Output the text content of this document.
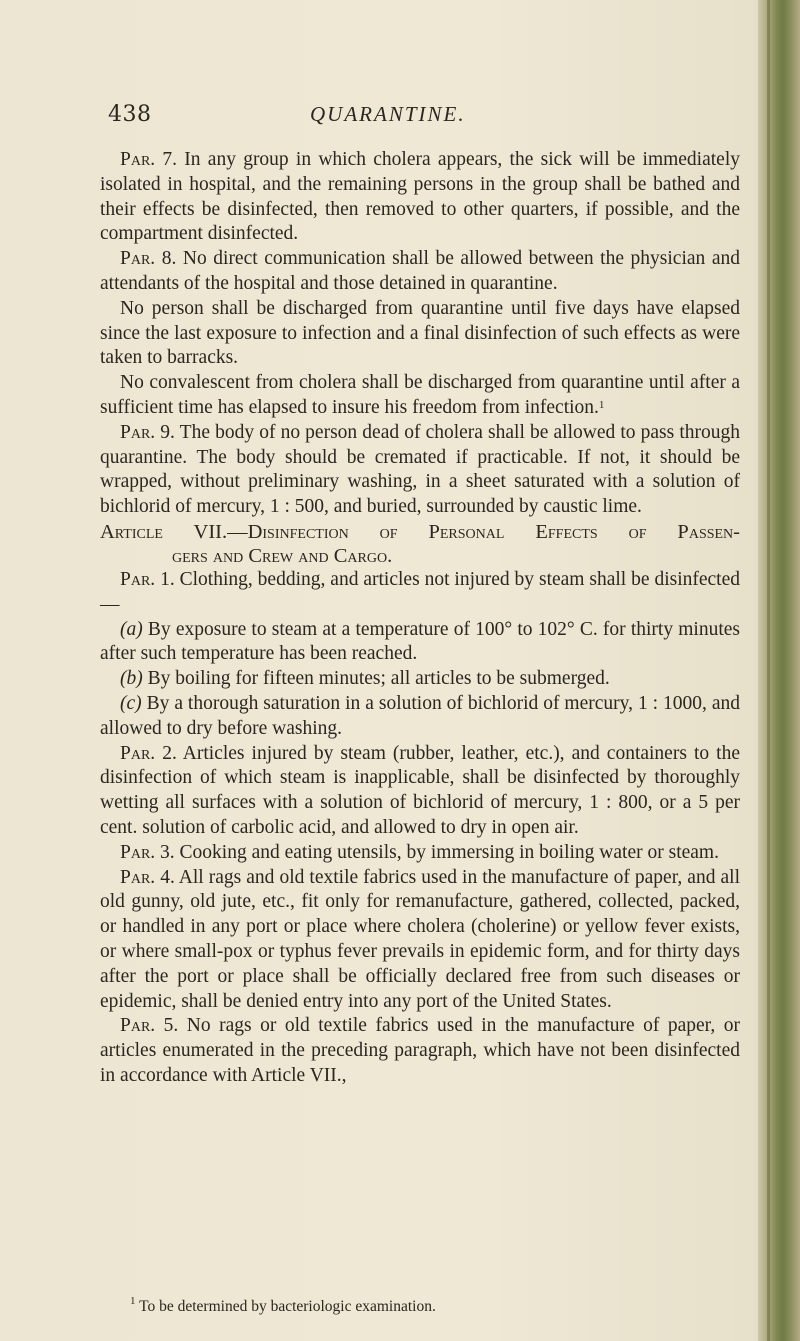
438	QUARANTINE.

Par. 7. In any group in which cholera appears, the sick will be immediately isolated in hospital, and the remaining persons in the group shall be bathed and their effects be disinfected, then removed to other quarters, if possible, and the compartment disinfected.

Par. 8. No direct communication shall be allowed between the physician and attendants of the hospital and those detained in quarantine.

No person shall be discharged from quarantine until five days have elapsed since the last exposure to infection and a final disinfection of such effects as were taken to barracks.

No convalescent from cholera shall be discharged from quarantine until after a sufficient time has elapsed to insure his freedom from infection.$^1$

Par. 9. The body of no person dead of cholera shall be allowed to pass through quarantine. The body should be cremated if practicable. If not, it should be wrapped, without preliminary washing, in a sheet saturated with a solution of bichlorid of mercury, 1 : 500, and buried, surrounded by caustic lime.

Article VII.—Disinfection of Personal Effects of Passen-
gers and Crew and Cargo.

Par. 1. Clothing, bedding, and articles not injured by steam shall be disinfected—

(a) By exposure to steam at a temperature of 100° to 102° C. for thirty minutes after such temperature has been reached.

(b) By boiling for fifteen minutes; all articles to be submerged.

(c) By a thorough saturation in a solution of bichlorid of mercury, 1 : 1000, and allowed to dry before washing.

Par. 2. Articles injured by steam (rubber, leather, etc.), and containers to the disinfection of which steam is inapplicable, shall be disinfected by thoroughly wetting all surfaces with a solution of bichlorid of mercury, 1 : 800, or a 5 per cent. solution of carbolic acid, and allowed to dry in open air.

Par. 3. Cooking and eating utensils, by immersing in boiling water or steam.

Par. 4. All rags and old textile fabrics used in the manufacture of paper, and all old gunny, old jute, etc., fit only for remanufacture, gathered, collected, packed, or handled in any port or place where cholera (cholerine) or yellow fever exists, or where small-pox or typhus fever prevails in epidemic form, and for thirty days after the port or place shall be officially declared free from such diseases or epidemic, shall be denied entry into any port of the United States.

Par. 5. No rags or old textile fabrics used in the manufacture of paper, or articles enumerated in the preceding paragraph, which have not been disinfected in accordance with Article VII.,

$^1$ To be determined by bacteriologic examination.
